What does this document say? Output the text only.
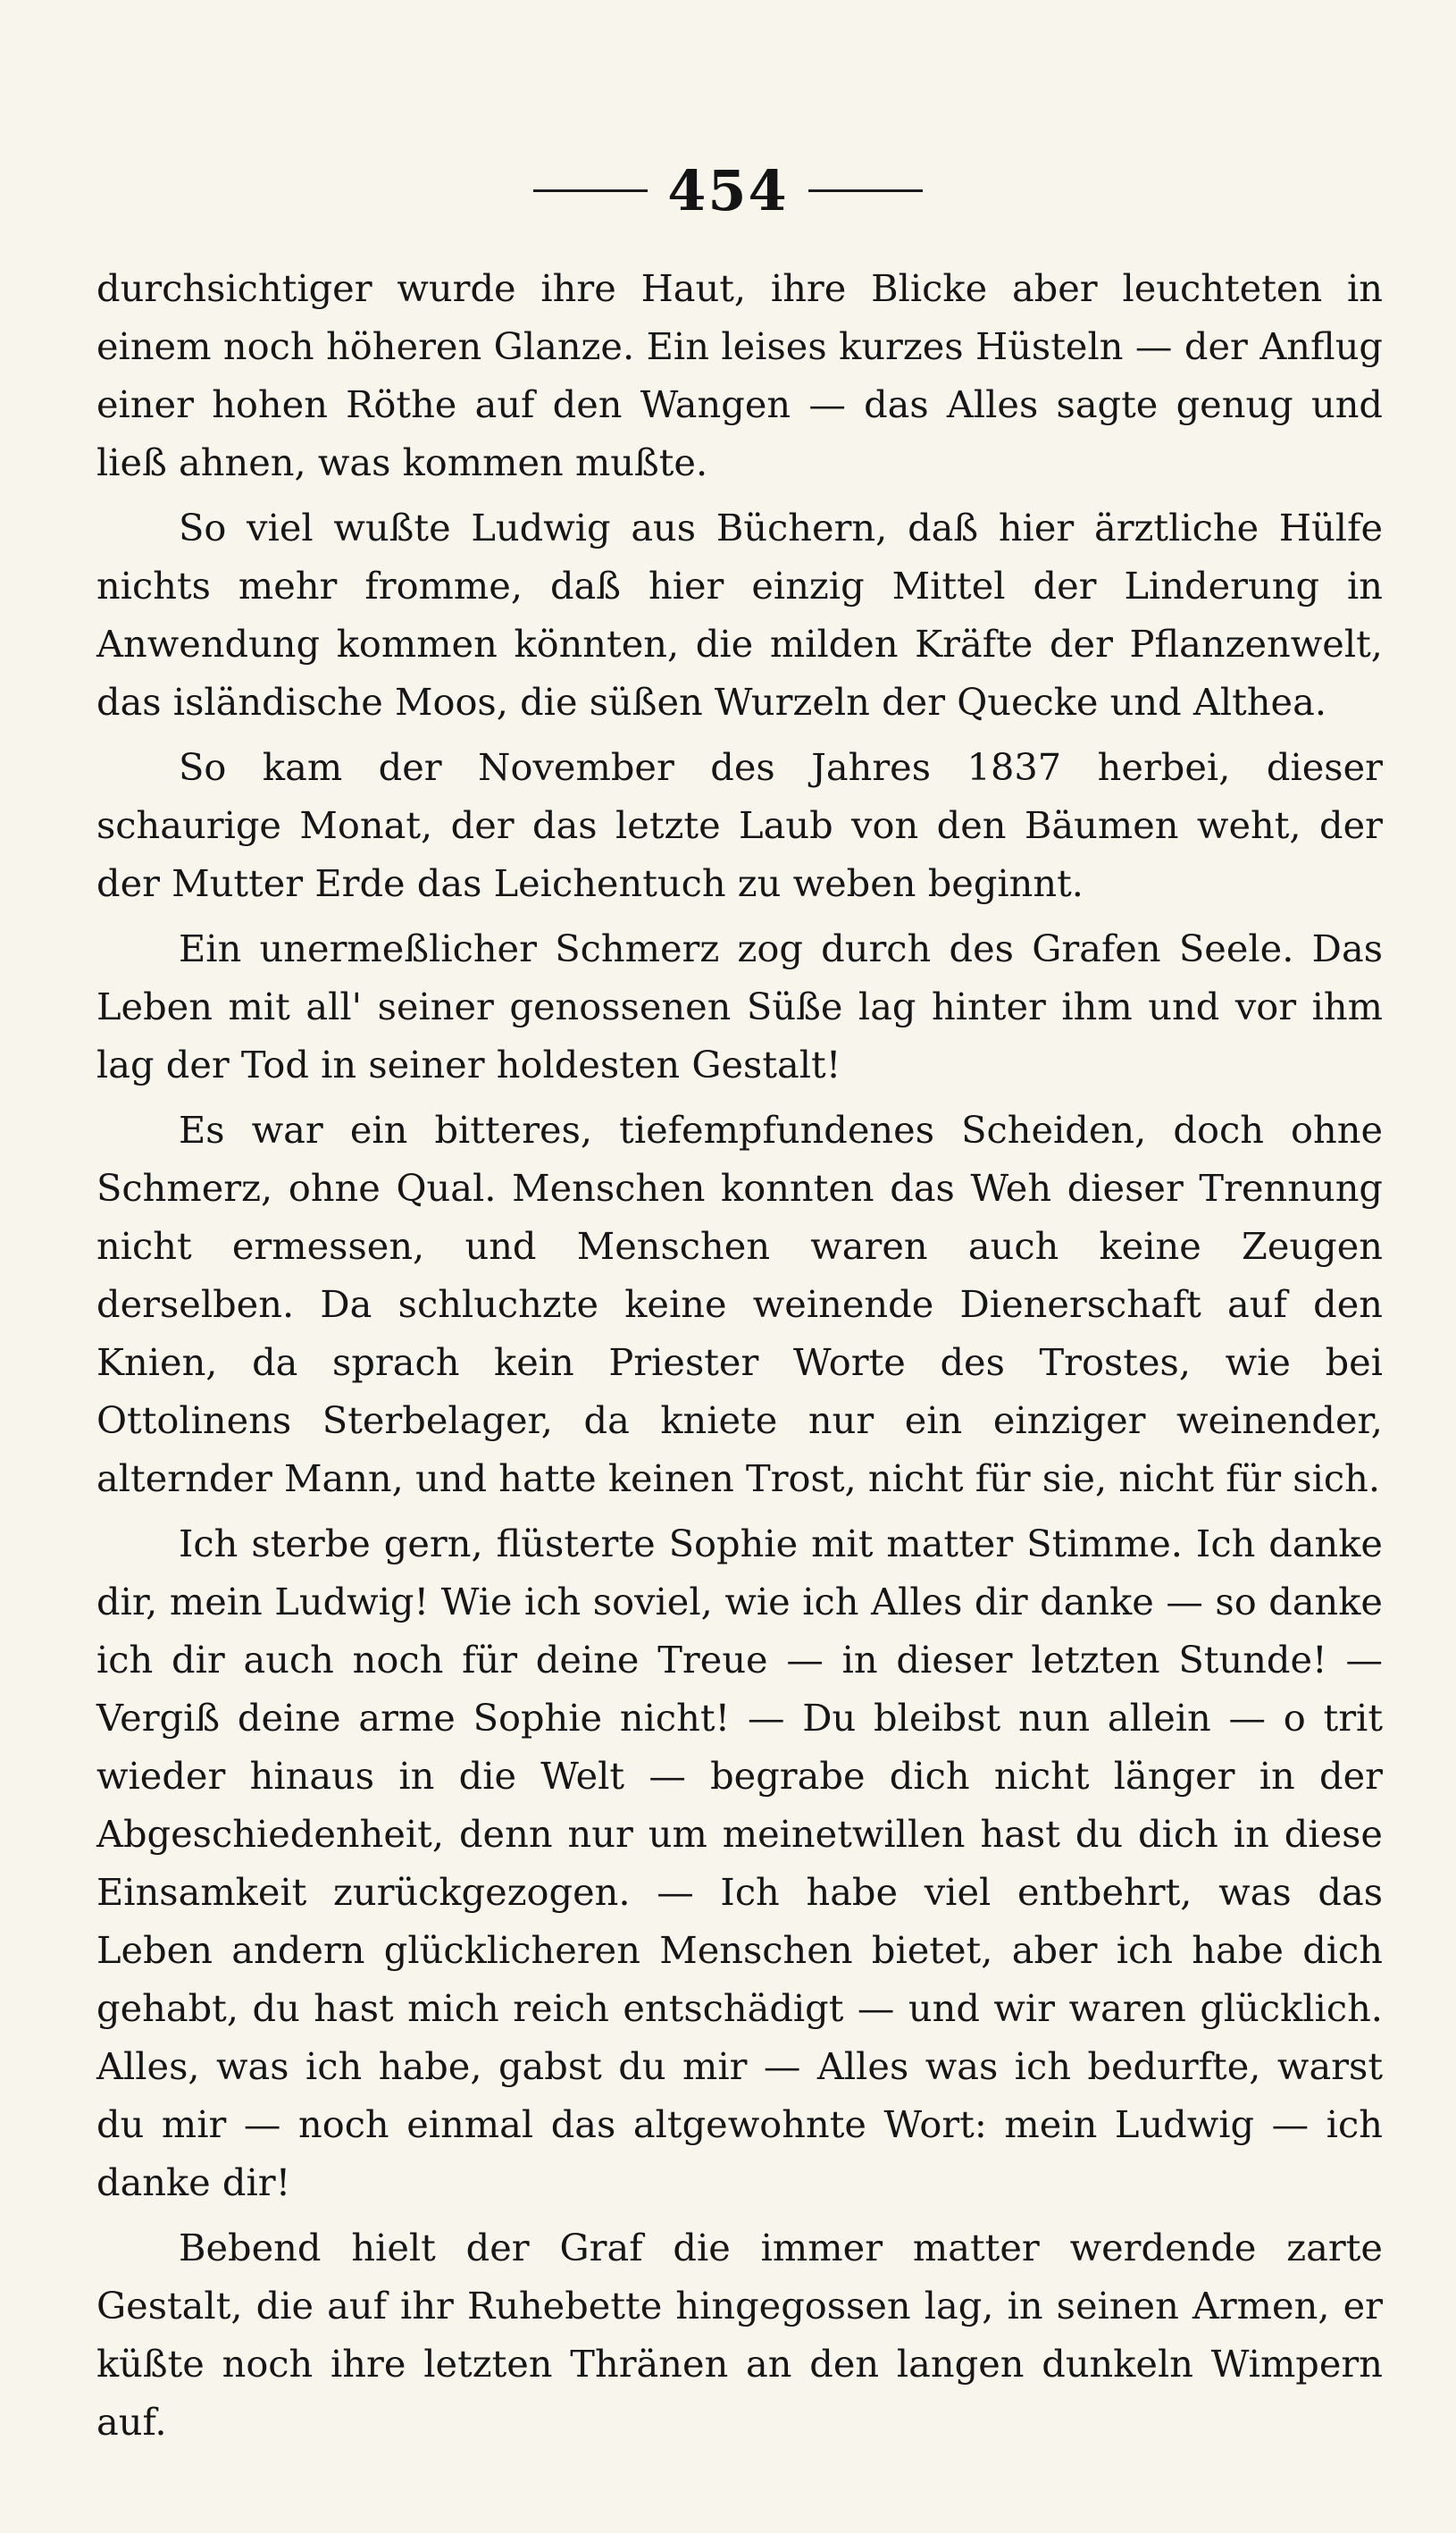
454

durchsichtiger wurde ihre Haut, ihre Blicke aber leuchteten in einem noch höheren Glanze. Ein leises kurzes Hüsteln — der Anflug einer hohen Röthe auf den Wangen — das Alles sagte genug und ließ ahnen, was kommen mußte.

So viel wußte Ludwig aus Büchern, daß hier ärztliche Hülfe nichts mehr fromme, daß hier einzig Mittel der Linderung in Anwendung kommen könnten, die milden Kräfte der Pflanzenwelt, das isländische Moos, die süßen Wurzeln der Quecke und Althea.

So kam der November des Jahres 1837 herbei, dieser schaurige Monat, der das letzte Laub von den Bäumen weht, der der Mutter Erde das Leichentuch zu weben beginnt.

Ein unermeßlicher Schmerz zog durch des Grafen Seele. Das Leben mit all' seiner genossenen Süße lag hinter ihm und vor ihm lag der Tod in seiner holdesten Gestalt!

Es war ein bitteres, tiefempfundenes Scheiden, doch ohne Schmerz, ohne Qual. Menschen konnten das Weh dieser Trennung nicht ermessen, und Menschen waren auch keine Zeugen derselben. Da schluchzte keine weinende Dienerschaft auf den Knien, da sprach kein Priester Worte des Trostes, wie bei Ottolinens Sterbelager, da kniete nur ein einziger weinender, alternder Mann, und hatte keinen Trost, nicht für sie, nicht für sich.

Ich sterbe gern, flüsterte Sophie mit matter Stimme. Ich danke dir, mein Ludwig! Wie ich soviel, wie ich Alles dir danke — so danke ich dir auch noch für deine Treue — in dieser letzten Stunde! — Vergiß deine arme Sophie nicht! — Du bleibst nun allein — o trit wieder hinaus in die Welt — begrabe dich nicht länger in der Abgeschiedenheit, denn nur um meinetwillen hast du dich in diese Einsamkeit zurückgezogen. — Ich habe viel entbehrt, was das Leben andern glücklicheren Menschen bietet, aber ich habe dich gehabt, du hast mich reich entschädigt — und wir waren glücklich. Alles, was ich habe, gabst du mir — Alles was ich bedurfte, warst du mir — noch einmal das altgewohnte Wort: mein Ludwig — ich danke dir!

Bebend hielt der Graf die immer matter werdende zarte Gestalt, die auf ihr Ruhebette hingegossen lag, in seinen Armen, er küßte noch ihre letzten Thränen an den langen dunkeln Wimpern auf.
